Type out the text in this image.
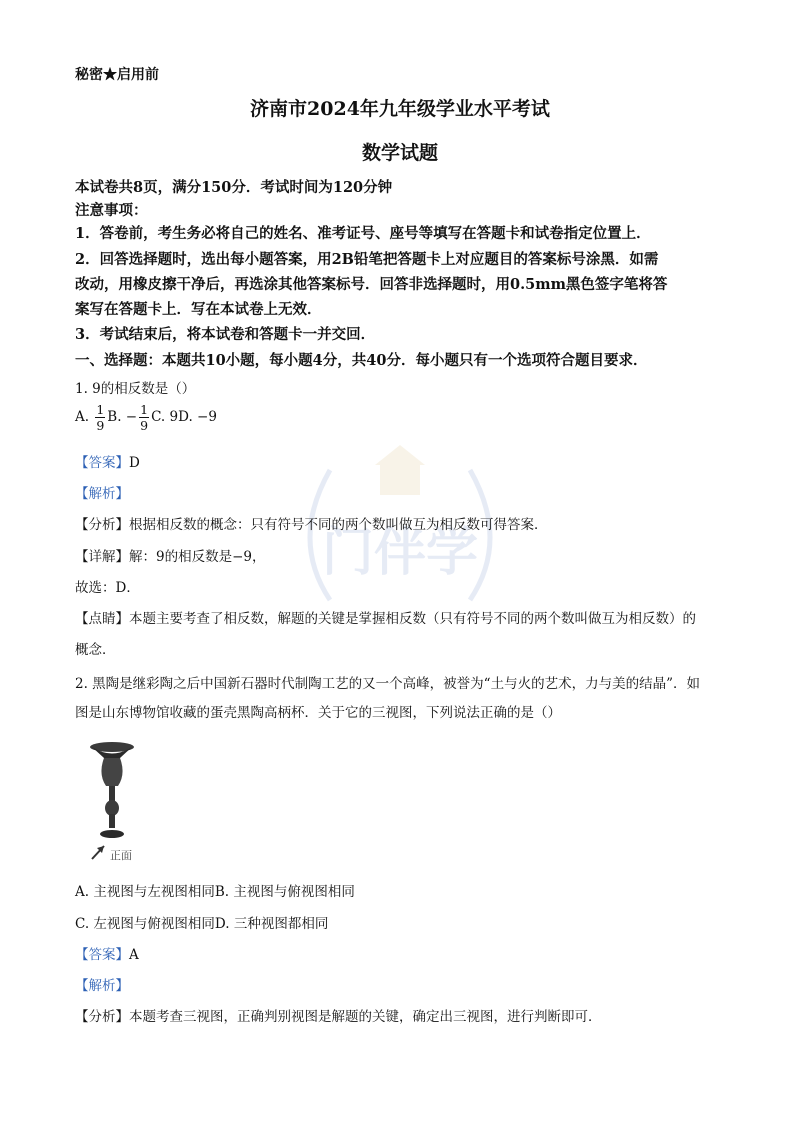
门伴学
秘密★启用前
济南市2024年九年级学业水平考试
数学试题
本试卷共8页，满分150分．考试时间为120分钟
注意事项：
1．答卷前，考生务必将自己的姓名、准考证号、座号等填写在答题卡和试卷指定位置上．
2．回答选择题时，选出每小题答案，用2B铅笔把答题卡上对应题目的答案标号涂黑．如需
改动，用橡皮擦干净后，再选涂其他答案标号．回答非选择题时，用0.5mm黑色签字笔将答
案写在答题卡上．写在本试卷上无效．
3．考试结束后，将本试卷和答题卡一并交回．
一、选择题：本题共10小题，每小题4分，共40分．每小题只有一个选项符合题目要求．
1. 9的相反数是（）
A. $\frac{1}{9} B$. − $\frac{1}{9} C$. 9D. −9
【答案】D
【解析】
【分析】根据相反数的概念：只有符号不同的两个数叫做互为相反数可得答案．
【详解】解：9的相反数是−9，
故选：D．
【点睛】本题主要考查了相反数，解题的关键是掌握相反数（只有符号不同的两个数叫做互为相反数）的
概念．
2. 黑陶是继彩陶之后中国新石器时代制陶工艺的又一个高峰，被誉为“土与火的艺术，力与美的结晶”．如
图是山东博物馆收藏的蛋壳黑陶高柄杯．关于它的三视图，下列说法正确的是（）
正面
A. 主视图与左视图相同B. 主视图与俯视图相同
C. 左视图与俯视图相同D. 三种视图都相同
【答案】A
【解析】
【分析】本题考查三视图，正确判别视图是解题的关键，确定出三视图，进行判断即可．
